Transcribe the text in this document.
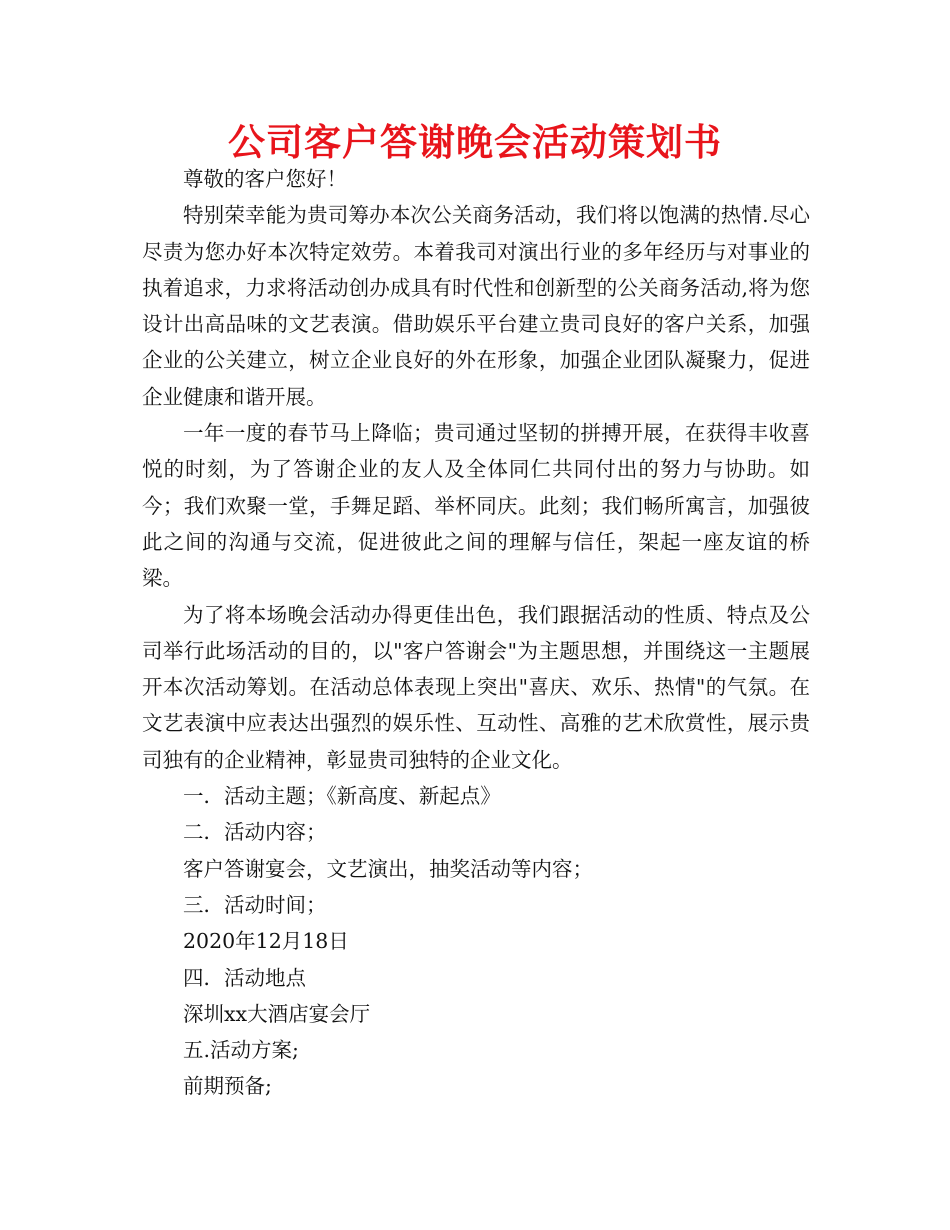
公司客户答谢晚会活动策划书

尊敬的客户您好！

特别荣幸能为贵司筹办本次公关商务活动，我们将以饱满的热情.尽心尽责为您办好本次特定效劳。本着我司对演出行业的多年经历与对事业的执着追求，力求将活动创办成具有时代性和创新型的公关商务活动,将为您设计出高品味的文艺表演。借助娱乐平台建立贵司良好的客户关系，加强企业的公关建立，树立企业良好的外在形象，加强企业团队凝聚力，促进企业健康和谐开展。

一年一度的春节马上降临；贵司通过坚韧的拼搏开展，在获得丰收喜悦的时刻，为了答谢企业的友人及全体同仁共同付出的努力与协助。如今；我们欢聚一堂，手舞足蹈、举杯同庆。此刻；我们畅所寓言，加强彼此之间的沟通与交流，促进彼此之间的理解与信任，架起一座友谊的桥梁。

为了将本场晚会活动办得更佳出色，我们跟据活动的性质、特点及公司举行此场活动的目的，以"客户答谢会"为主题思想，并围绕这一主题展开本次活动筹划。在活动总体表现上突出"喜庆、欢乐、热情"的气氛。在文艺表演中应表达出强烈的娱乐性、互动性、高雅的艺术欣赏性，展示贵司独有的企业精神，彰显贵司独特的企业文化。

一．活动主题；《新高度、新起点》

二．活动内容；

客户答谢宴会，文艺演出，抽奖活动等内容；

三．活动时间；

2020年12月18日

四．活动地点

深圳xx大酒店宴会厅

五.活动方案;

前期预备;
